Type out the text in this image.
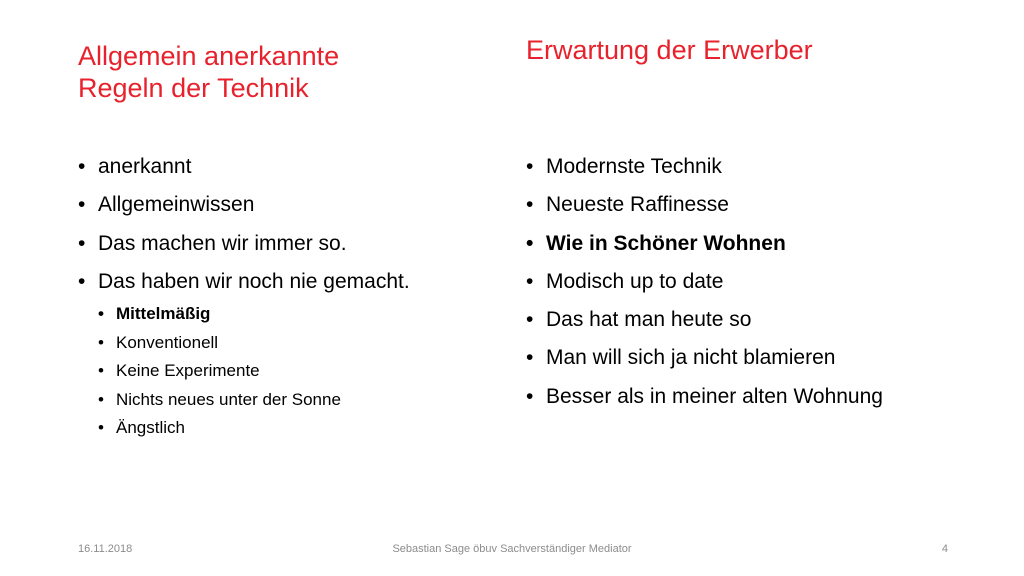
Allgemein anerkannte
Regeln der Technik
Erwartung der Erwerber
• anerkannt
• Allgemeinwissen
• Das machen wir immer so.
• Das haben wir noch nie gemacht.
• Mittelmäßig
• Konventionell
• Keine Experimente
• Nichts neues unter der Sonne
• Ängstlich
• Modernste Technik
• Neueste Raffinesse
• Wie in Schöner Wohnen
• Modisch up to date
• Das hat man heute so
• Man will sich ja nicht blamieren
• Besser als in meiner alten Wohnung
16.11.2018	Sebastian Sage öbuv Sachverständiger Mediator	4
